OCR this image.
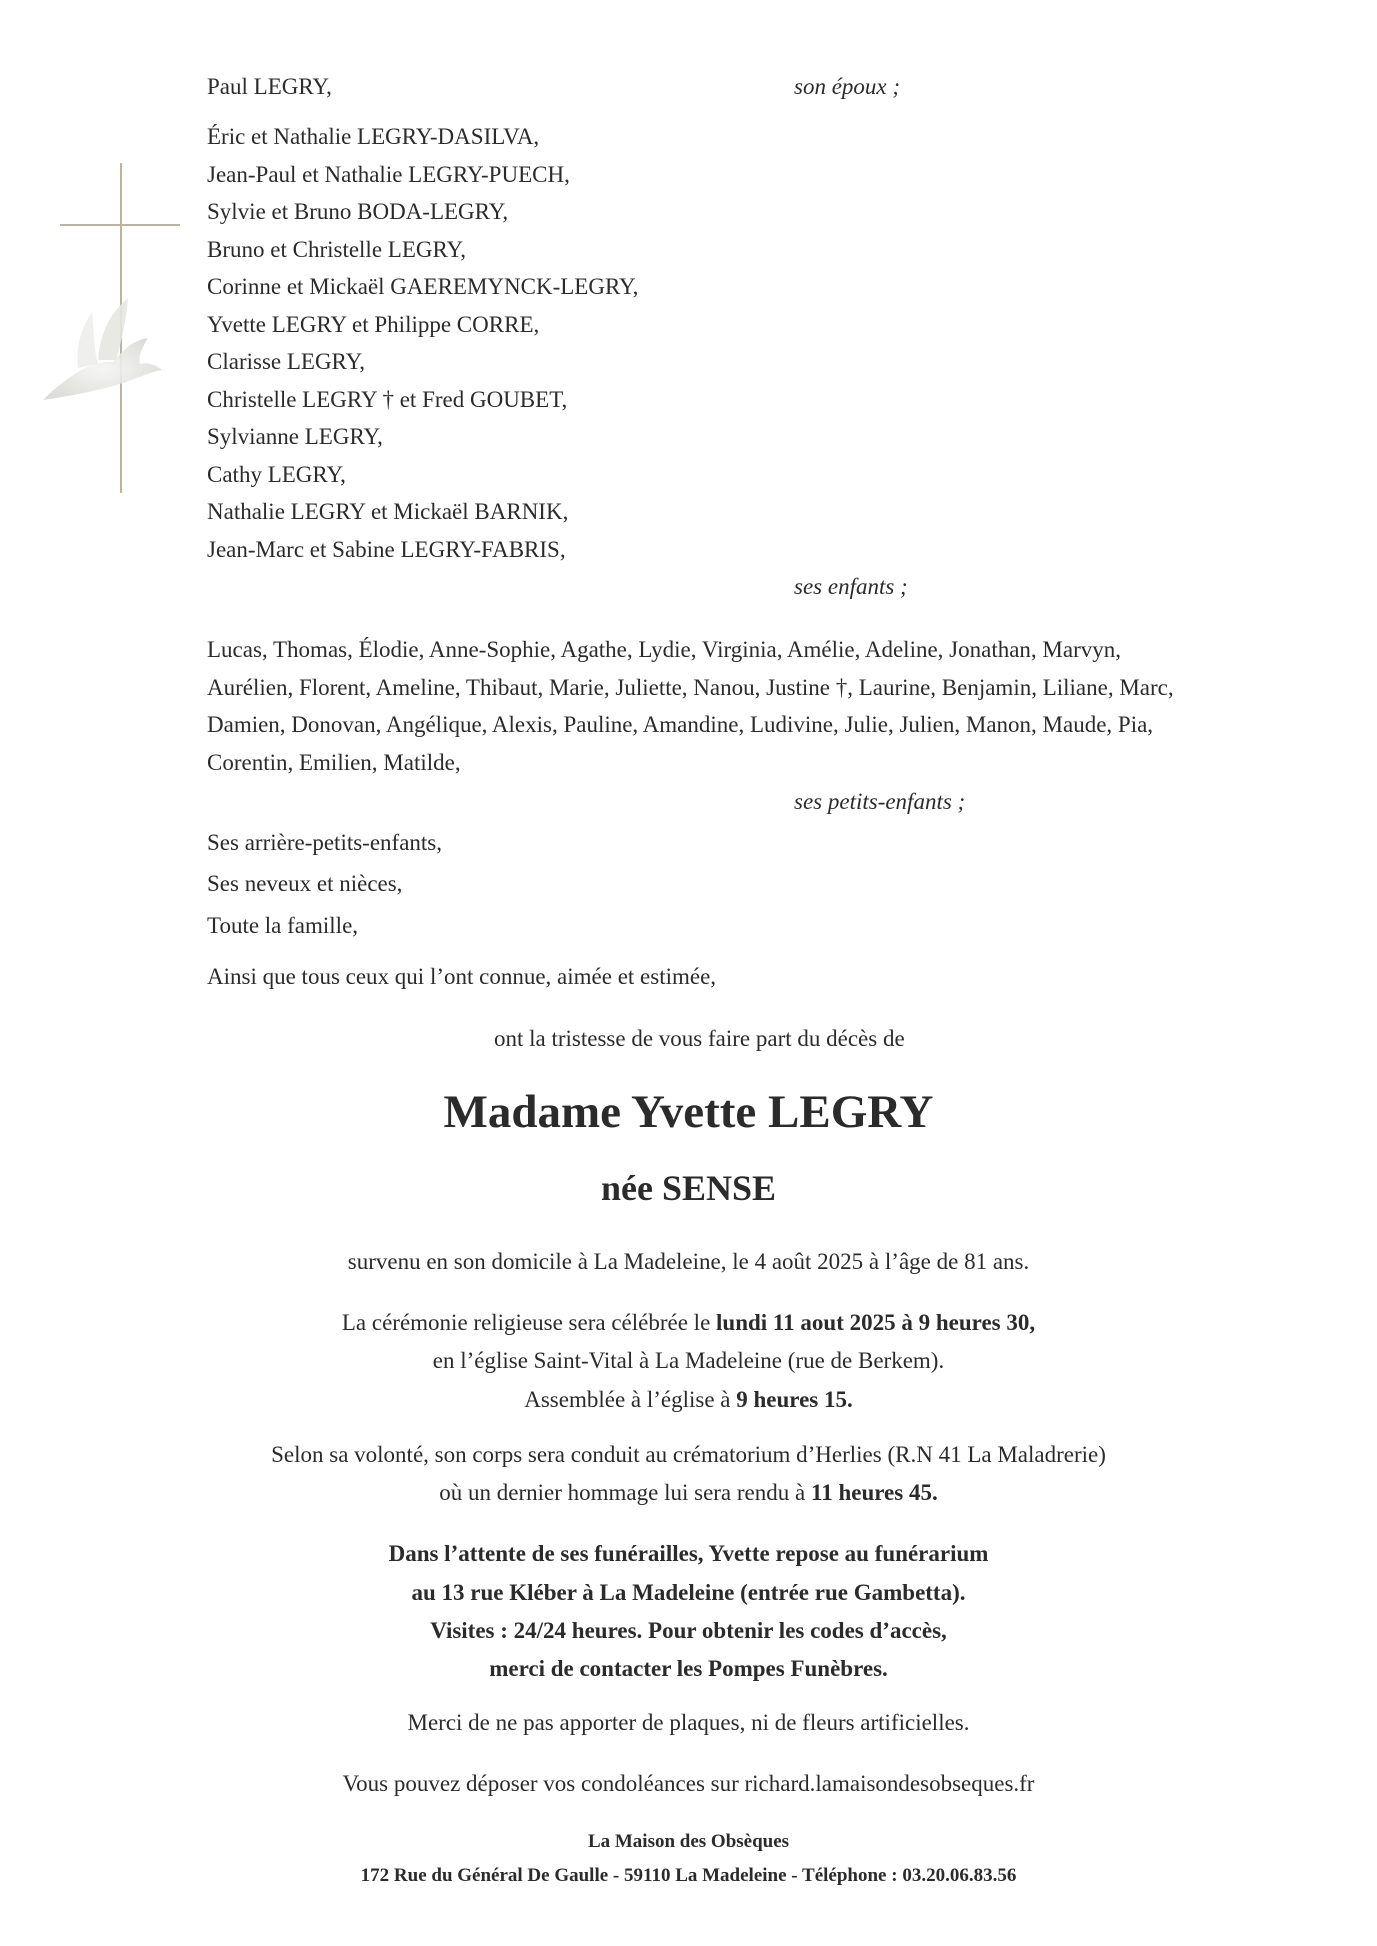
Paul LEGRY,	son époux ;
Éric et Nathalie LEGRY-DASILVA,
Jean-Paul et Nathalie LEGRY-PUECH,
Sylvie et Bruno BODA-LEGRY,
Bruno et Christelle LEGRY,
Corinne et Mickaël GAEREMYNCK-LEGRY,
Yvette LEGRY et Philippe CORRE,
Clarisse LEGRY,
Christelle LEGRY † et Fred GOUBET,
Sylvianne LEGRY,
Cathy LEGRY,
Nathalie LEGRY et Mickaël BARNIK,
Jean-Marc et Sabine LEGRY-FABRIS,
ses enfants ;
Lucas, Thomas, Élodie, Anne-Sophie, Agathe, Lydie, Virginia, Amélie, Adeline, Jonathan, Marvyn,
Aurélien, Florent, Ameline, Thibaut, Marie, Juliette, Nanou, Justine †, Laurine, Benjamin, Liliane, Marc,
Damien, Donovan, Angélique, Alexis, Pauline, Amandine, Ludivine, Julie, Julien, Manon, Maude, Pia,
Corentin, Emilien, Matilde,
ses petits-enfants ;
Ses arrière-petits-enfants,
Ses neveux et nièces,
Toute la famille,
Ainsi que tous ceux qui l’ont connue, aimée et estimée,
ont la tristesse de vous faire part du décès de
Madame Yvette LEGRY
née SENSE
survenu en son domicile à La Madeleine, le 4 août 2025 à l’âge de 81 ans.
La cérémonie religieuse sera célébrée le lundi 11 aout 2025 à 9 heures 30,
en l’église Saint-Vital à La Madeleine (rue de Berkem).
Assemblée à l’église à 9 heures 15.
Selon sa volonté, son corps sera conduit au crématorium d’Herlies (R.N 41 La Maladrerie)
où un dernier hommage lui sera rendu à 11 heures 45.
Dans l’attente de ses funérailles, Yvette repose au funérarium
au 13 rue Kléber à La Madeleine (entrée rue Gambetta).
Visites : 24/24 heures. Pour obtenir les codes d’accès,
merci de contacter les Pompes Funèbres.
Merci de ne pas apporter de plaques, ni de fleurs artificielles.
Vous pouvez déposer vos condoléances sur richard.lamaisondesobseques.fr
La Maison des Obsèques
172 Rue du Général De Gaulle - 59110 La Madeleine - Téléphone : 03.20.06.83.56
